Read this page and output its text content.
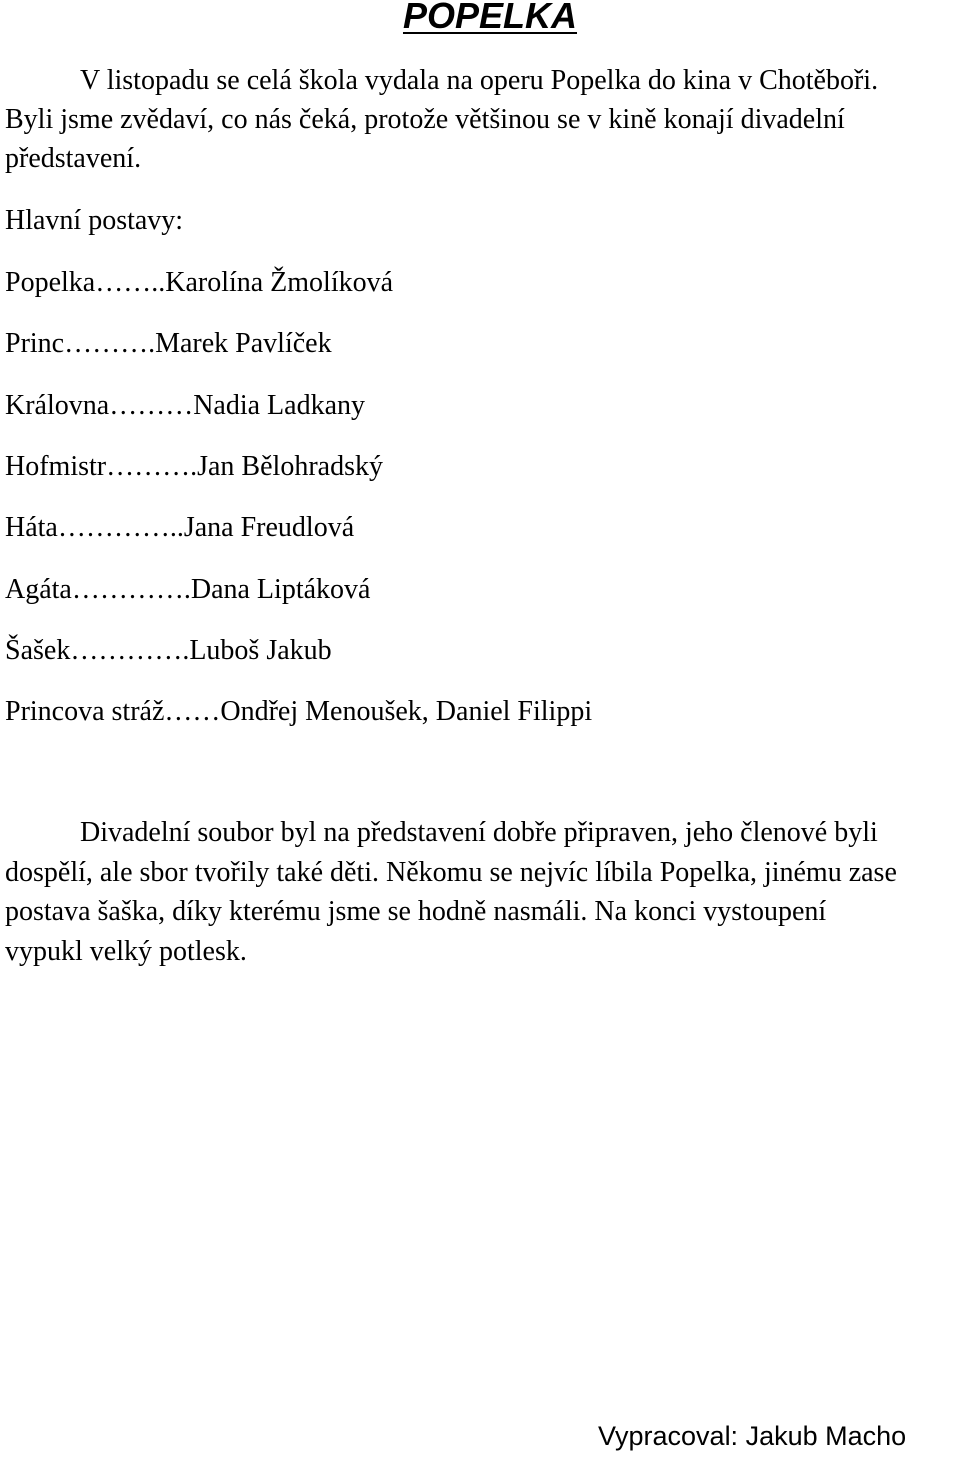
POPELKA
V listopadu se celá škola vydala na operu Popelka do kina v Chotěboři.
Byli jsme zvědaví, co nás čeká, protože většinou se v kině konají divadelní
představení.
Hlavní postavy:
Popelka……..Karolína Žmolíková
Princ……….Marek Pavlíček
Královna………Nadia Ladkany
Hofmistr……….Jan Bělohradský
Háta…………..Jana Freudlová
Agáta………….Dana Liptáková
Šašek………….Luboš Jakub
Princova stráž……Ondřej Menoušek, Daniel Filippi
Divadelní soubor byl na představení dobře připraven, jeho členové byli
dospělí, ale sbor tvořily také děti. Někomu se nejvíc líbila Popelka, jinému zase
postava šaška, díky kterému jsme se hodně nasmáli. Na konci vystoupení
vypukl velký potlesk.
Vypracoval: Jakub Macho
